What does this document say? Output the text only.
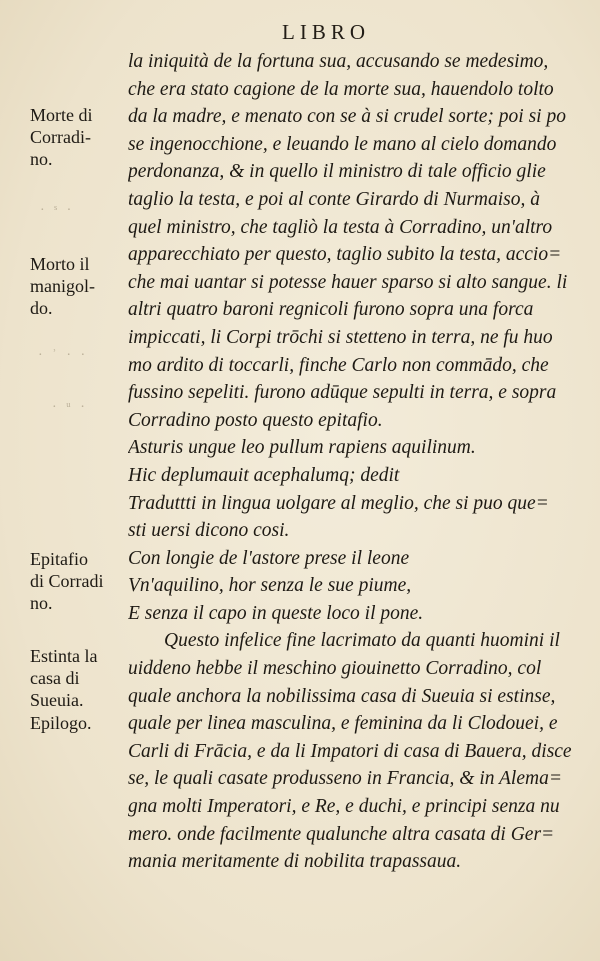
LIBRO
· ˢ ·
· ʾ · ·
· ᵘ ·
Morte di
Corradi-
no.
Morto il
manigol-
do.
Epitafio
di Corradi
no.
Estinta la
casa di
Sueuia.
Epilogo.
la iniquità de la fortuna sua, accusando se medesimo,
che era stato cagione de la morte sua, hauendolo tolto
da la madre, e menato con se à si crudel sorte; poi si po
se ingenocchione, e leuando le mano al cielo domando
perdonanza, & in quello il ministro di tale officio glie
taglio la testa, e poi al conte Girardo di Nurmaiso, à
quel ministro, che tagliò la testa à Corradino, un'altro
apparecchiato per questo, taglio subito la testa, accio=
che mai uantar si potesse hauer sparso si alto sangue. li
altri quatro baroni regnicoli furono sopra una forca
impiccati, li Corpi trōchi si stetteno in terra, ne fu huo
mo ardito di toccarli, finche Carlo non commādo, che
fussino sepeliti. furono adūque sepulti in terra, e sopra
Corradino posto questo epitafio.
Asturis ungue leo pullum rapiens aquilinum.
Hic deplumauit acephalumq; dedit
Traduttti in lingua uolgare al meglio, che si puo que=
sti uersi dicono cosi.
Con longie de l'astore prese il leone
Vn'aquilino, hor senza le sue piume,
E senza il capo in queste loco il pone.
Questo infelice fine lacrimato da quanti huomini il
uiddeno hebbe il meschino giouinetto Corradino, col
quale anchora la nobilissima casa di Sueuia si estinse,
quale per linea masculina, e feminina da li Clodouei, e
Carli di Frācia, e da li Impatori di casa di Bauera, disce
se, le quali casate produsseno in Francia, & in Alema=
gna molti Imperatori, e Re, e duchi, e principi senza nu
mero. onde facilmente qualunche altra casata di Ger=
mania meritamente di nobilita trapassaua.
